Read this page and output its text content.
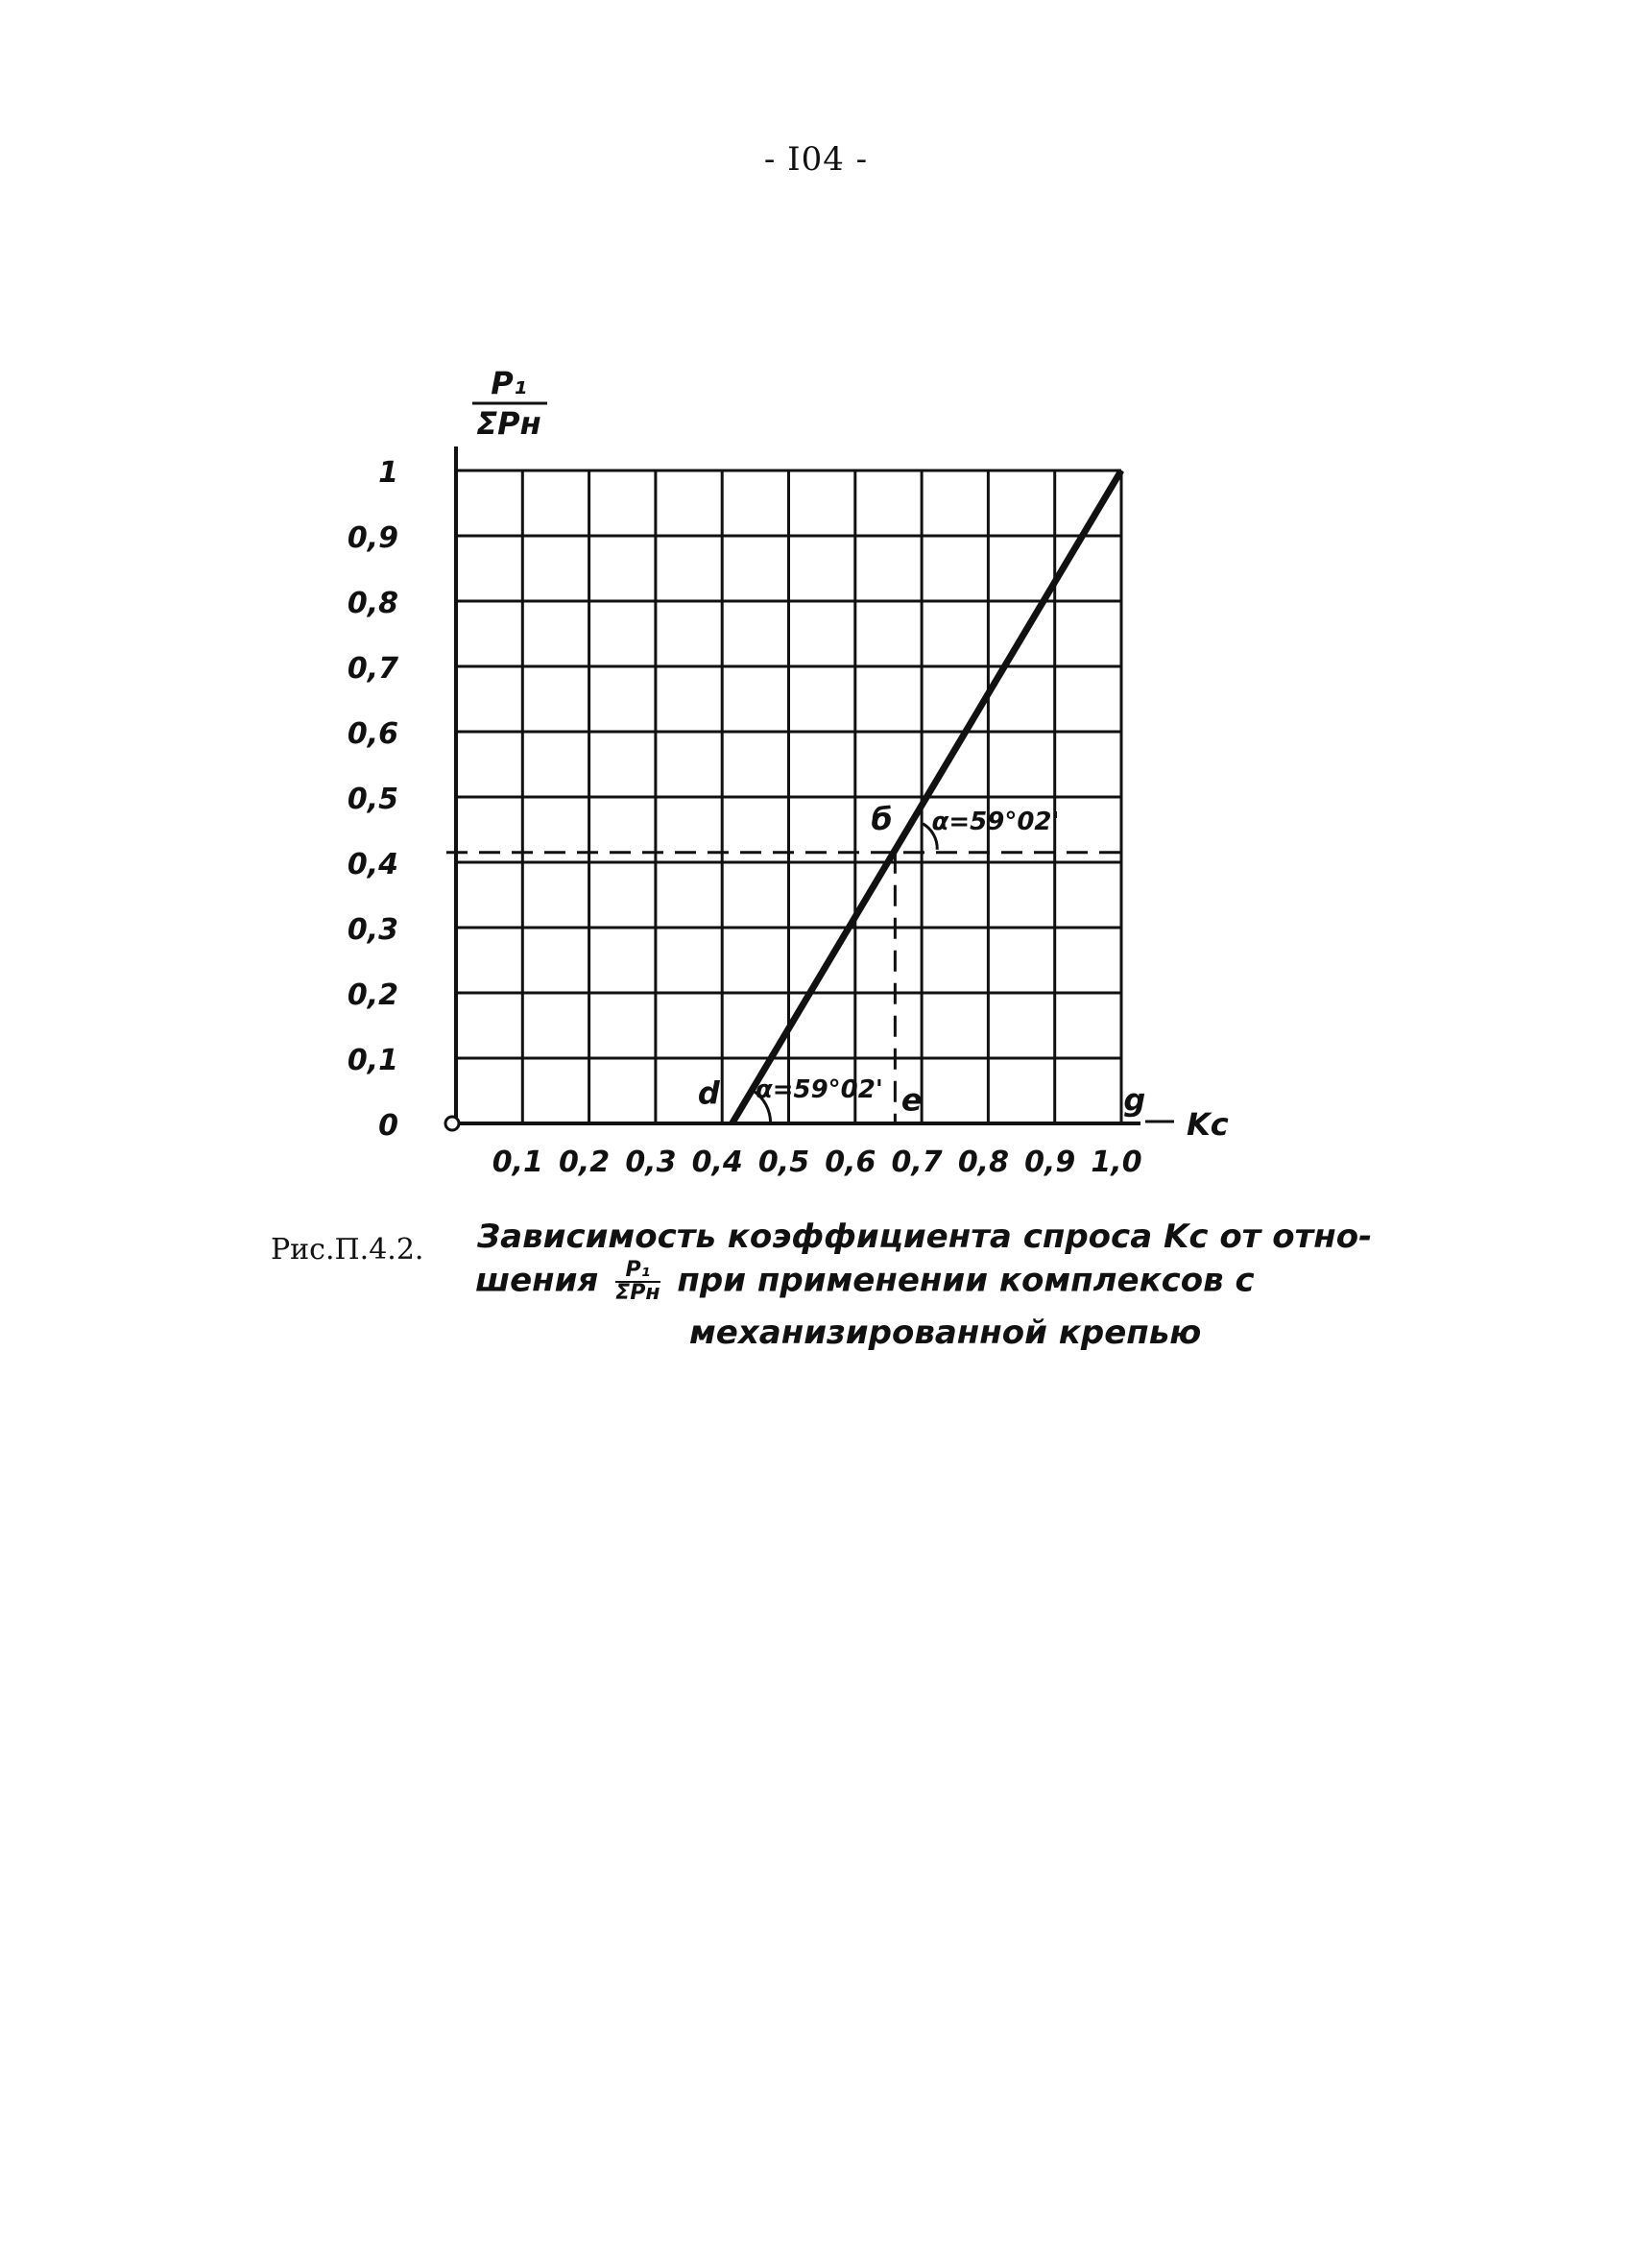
- I04 -
0,1 0,2 0,3 0,4 0,5 0,6 0,7 0,8 0,9 1,0
0
0,1
0,2
0,3
0,4
0,5
0,6
0,7
0,8
0,9
1
Kc
P₁
ΣPн
d
б
e	g
α=59°02'
α=59°02'
Рис.П.4.2. Зависимость коэффициента спроса Kc от отно-
шения $\frac{\text{P₁}}{\text{ΣPн}}$ при применении комплексов с
механизированной крепью
